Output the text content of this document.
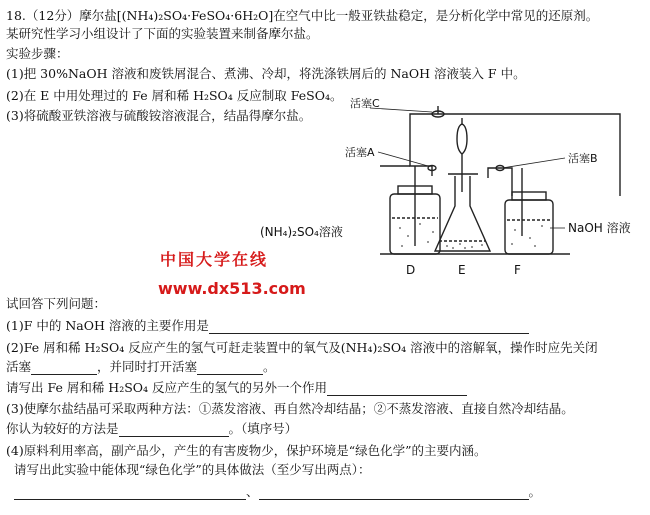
18.（12分）摩尔盐[(NH₄)₂SO₄·FeSO₄·6H₂O]在空气中比一般亚铁盐稳定，是分析化学中常见的还原剂。
某研究性学习小组设计了下面的实验装置来制备摩尔盐。
实验步骤：
(1)把 30%NaOH 溶液和废铁屑混合、煮沸、冷却，将洗涤铁屑后的 NaOH 溶液装入 F 中。
(2)在 E 中用处理过的 Fe 屑和稀 H₂SO₄ 反应制取 FeSO₄。
(3)将硫酸亚铁溶液与硫酸铵溶液混合，结晶得摩尔盐。
活塞C
活塞A	活塞B
(NH₄)₂SO₄溶液	NaOH 溶液
D	E	F
中国大学在线
www.dx513.com
试回答下列问题：
(1)F 中的 NaOH 溶液的主要作用是
(2)Fe 屑和稀 H₂SO₄ 反应产生的氢气可赶走装置中的氧气及(NH₄)₂SO₄ 溶液中的溶解氧，操作时应先关闭
活塞	，并同时打开活塞	。
请写出 Fe 屑和稀 H₂SO₄ 反应产生的氢气的另外一个作用
(3)使摩尔盐结晶可采取两种方法：①蒸发溶液、再自然冷却结晶；②不蒸发溶液、直接自然冷却结晶。
你认为较好的方法是	。（填序号）
(4)原料利用率高，副产品少，产生的有害废物少，保护环境是“绿色化学”的主要内涵。
请写出此实验中能体现“绿色化学”的具体做法（至少写出两点）：
、	。
